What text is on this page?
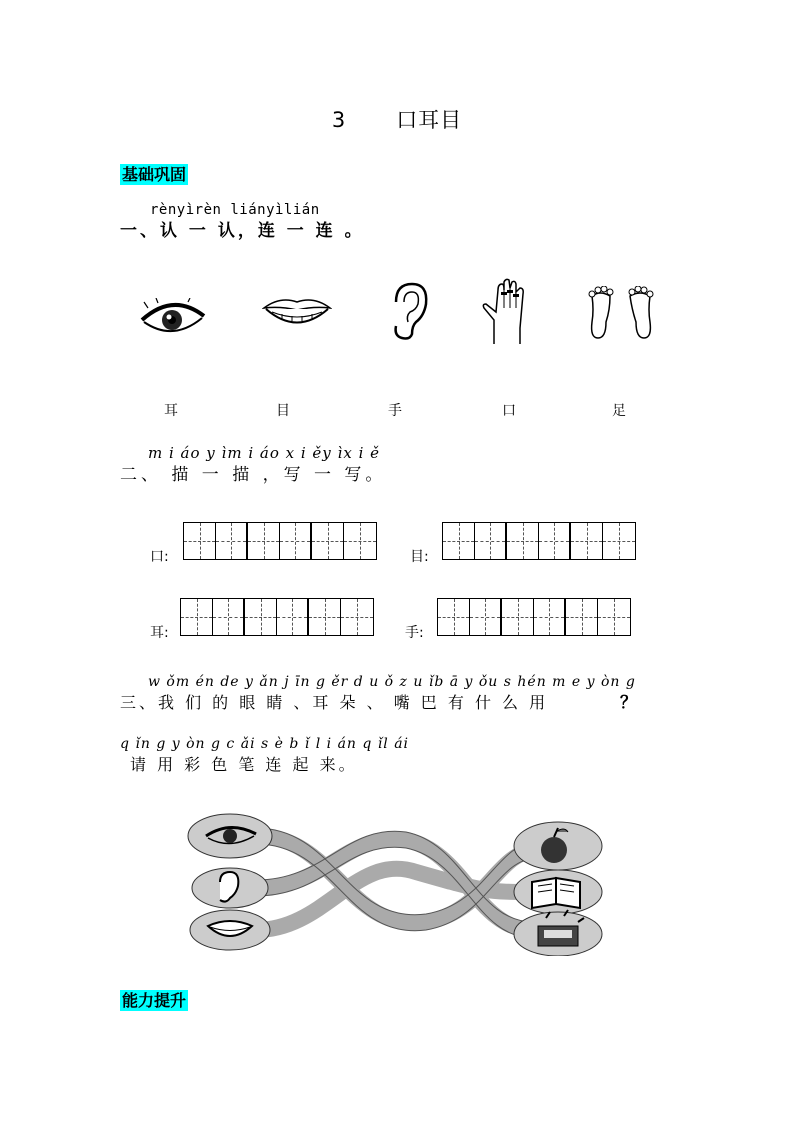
3 口耳目
基础巩固
rènyìrèn liányìlián
一、认 一 认，连 一 连 。
耳	目	手	口	足
m i áo y ìm i áo x i ěy ìx i ě
二、 描 一 描 ，写 一 写。
口:	目:
耳:	手:
w ǒm én de y ǎn j īn g ěr d u ǒ z u ǐb ā y ǒu s hén m e y òn g
三、我 们 的 眼 睛 、耳 朵 、 嘴 巴 有 什 么 用	？
q ǐn g y òn g c ǎi s è b ǐ l i án q ǐl ái
请 用 彩 色 笔 连 起 来。
能力提升
